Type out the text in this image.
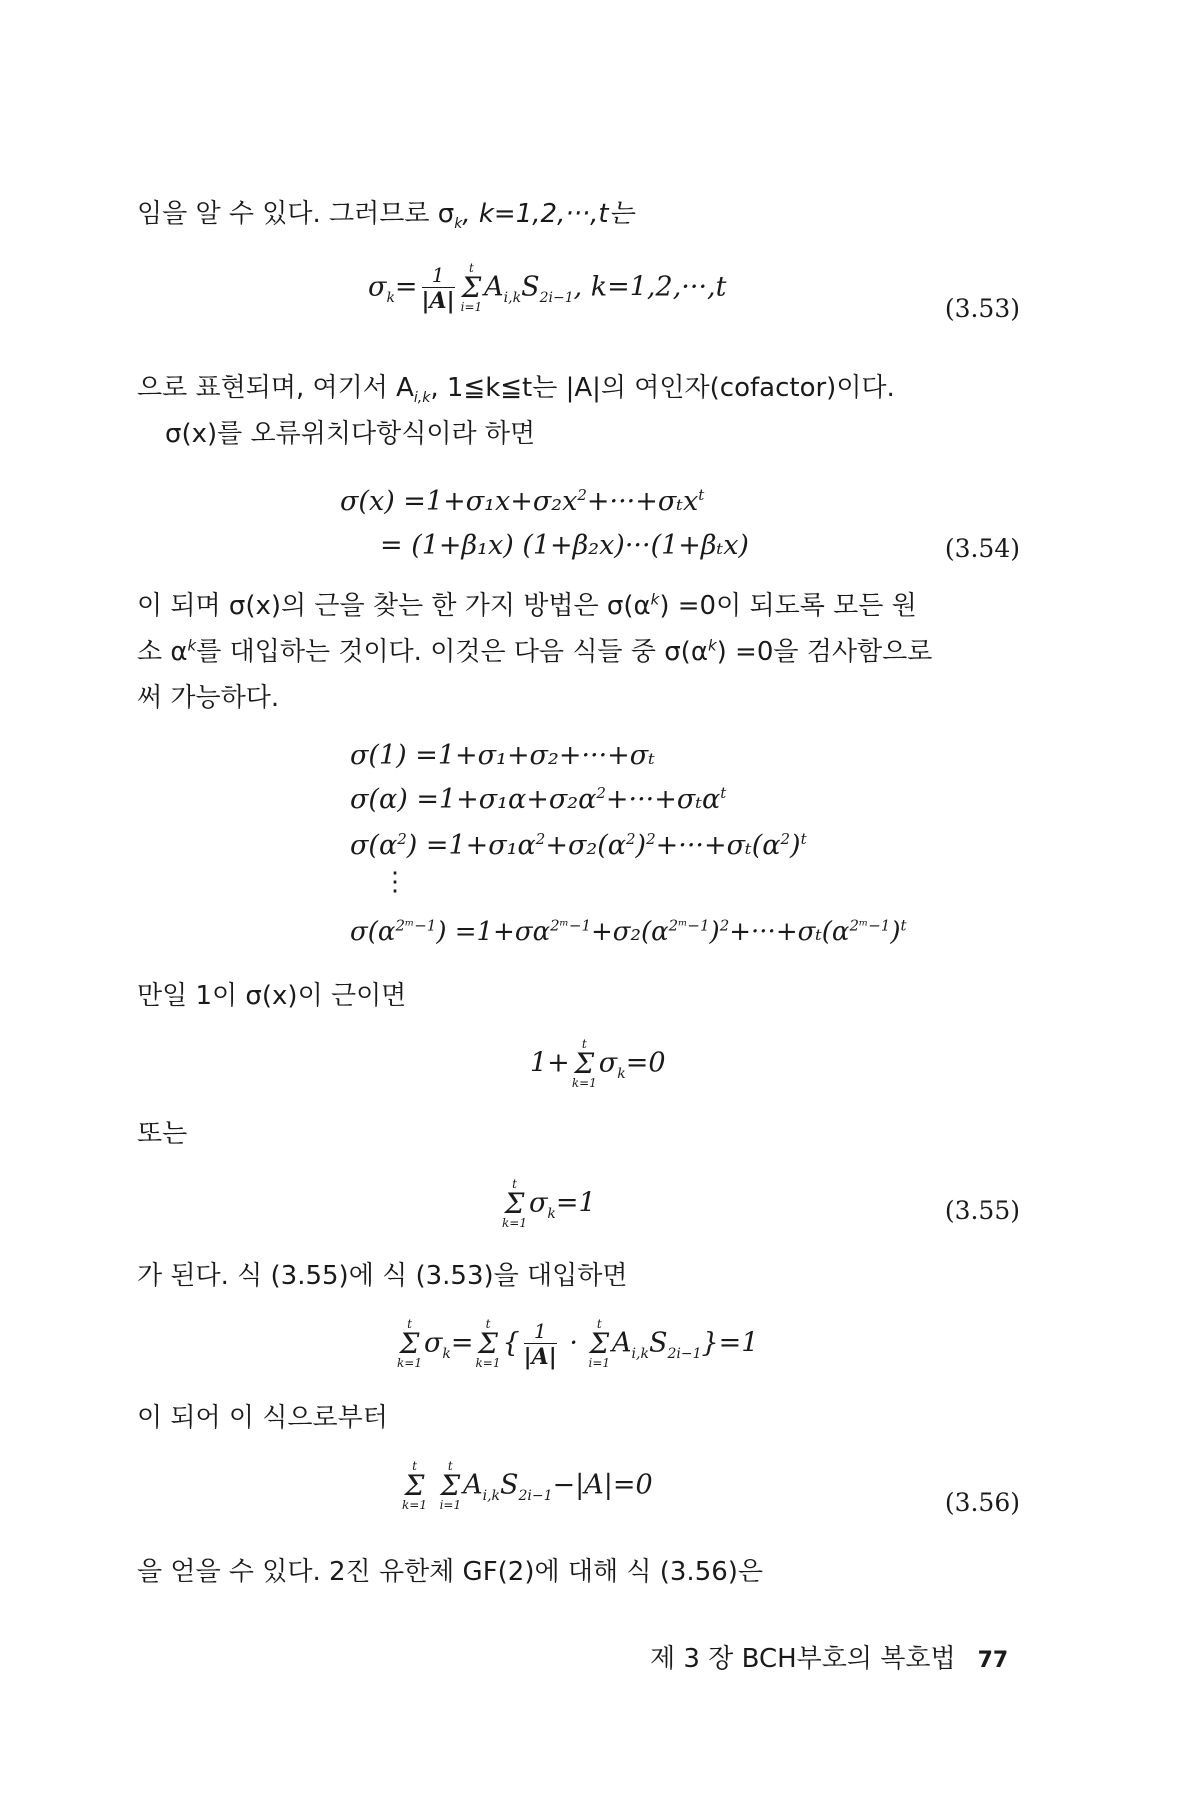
임을 알 수 있다. 그러므로 $\sigma_k$, k=1,2,···,t는
$\sigma_k= \frac{1}{|A|}$	t
Σ
i=1
$A_{i,k}S_{2i-1}$, k=1,2,···,t
(3.53)
으로 표현되며, 여기서 $A_{i,k}$, 1≦k≦t는 |A|의 여인자(cofactor)이다.
σ(x)를 오류위치다항식이라 하면
$\sigma(x) =1+\sigma_1x+\sigma_2x^2+\cdot\cdot\cdot+\sigma_tx^t$
= (1+β₁x) (1+β₂x)···(1+βₜx)	(3.54)
이 되며 σ(x)의 근을 찾는 한 가지 방법은 $\sigma(\alpha^k) =0$이 되도록 모든 원
소 $\alpha^k$를 대입하는 것이다. 이것은 다음 식들 중 $\sigma(\alpha^k) =0$을 검사함으로
써 가능하다.
σ(1) =1+σ₁+σ₂+···+σₜ
$\sigma(\alpha) =1+\sigma_1\alpha+\sigma_2\alpha^2+\cdot\cdot\cdot+\sigma_t\alpha^t$
$\sigma(\alpha^2) =1+\sigma_1\alpha^2+\sigma_2(\alpha^2)^2+\cdot\cdot\cdot+\sigma_t(\alpha^2)^t$
⋮
$\sigma(\alpha^{2ᵐ-1}) =1+\sigma\alpha^{2ᵐ-1}+\sigma_2(\alpha^{2ᵐ-1})^2+\cdot\cdot\cdot+\sigma_t(\alpha^{2ᵐ-1})^t$
만일 1이 σ(x)이 근이면
1+
t
Σ
k=1
$\sigma_k=0$
또는
t
Σ
k=1
$\sigma_k=1$	(3.55)
가 된다. 식 (3.55)에 식 (3.53)을 대입하면
t
Σ
k=1
$\sigma_k=$
t
Σ
k=1
{ $\frac{1}{|A|}$ ·
t
Σ
i=1
$A_{i,k}S_{2i-1}\}=1$
이 되어 이 식으로부터
t
Σ
k=1

t
Σ
i=1
$A_{i,k}S_{2i-1}-|A|=0$
(3.56)
을 얻을 수 있다. 2진 유한체 GF(2)에 대해 식 (3.56)은
제 3 장 BCH부호의 복호법 77
